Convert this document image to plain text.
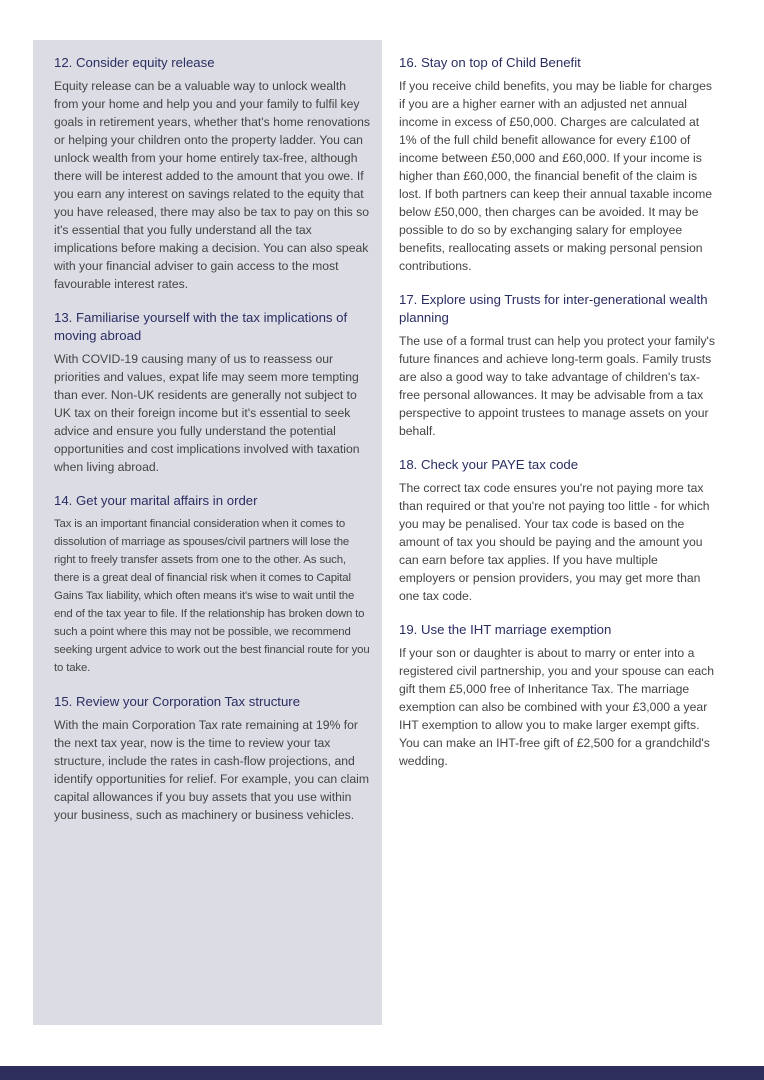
12. Consider equity release

Equity release can be a valuable way to unlock wealth from your home and help you and your family to fulfil key goals in retirement years, whether that's home renovations or helping your children onto the property ladder. You can unlock wealth from your home entirely tax-free, although there will be interest added to the amount that you owe. If you earn any interest on savings related to the equity that you have released, there may also be tax to pay on this so it's essential that you fully understand all the tax implications before making a decision. You can also speak with your financial adviser to gain access to the most favourable interest rates.

13. Familiarise yourself with the tax implications of moving abroad

With COVID-19 causing many of us to reassess our priorities and values, expat life may seem more tempting than ever. Non-UK residents are generally not subject to UK tax on their foreign income but it's essential to seek advice and ensure you fully understand the potential opportunities and cost implications involved with taxation when living abroad.

14. Get your marital affairs in order

Tax is an important financial consideration when it comes to dissolution of marriage as spouses/civil partners will lose the right to freely transfer assets from one to the other. As such, there is a great deal of financial risk when it comes to Capital Gains Tax liability, which often means it's wise to wait until the end of the tax year to file. If the relationship has broken down to such a point where this may not be possible, we recommend seeking urgent advice to work out the best financial route for you to take.

15. Review your Corporation Tax structure

With the main Corporation Tax rate remaining at 19% for the next tax year, now is the time to review your tax structure, include the rates in cash-flow projections, and identify opportunities for relief. For example, you can claim capital allowances if you buy assets that you use within your business, such as machinery or business vehicles.

16. Stay on top of Child Benefit

If you receive child benefits, you may be liable for charges if you are a higher earner with an adjusted net annual income in excess of £50,000. Charges are calculated at 1% of the full child benefit allowance for every £100 of income between £50,000 and £60,000. If your income is higher than £60,000, the financial benefit of the claim is lost. If both partners can keep their annual taxable income below £50,000, then charges can be avoided. It may be possible to do so by exchanging salary for employee benefits, reallocating assets or making personal pension contributions.

17. Explore using Trusts for inter-generational wealth planning

The use of a formal trust can help you protect your family's future finances and achieve long-term goals. Family trusts are also a good way to take advantage of children's tax-free personal allowances. It may be advisable from a tax perspective to appoint trustees to manage assets on your behalf.

18. Check your PAYE tax code

The correct tax code ensures you're not paying more tax than required or that you're not paying too little - for which you may be penalised. Your tax code is based on the amount of tax you should be paying and the amount you can earn before tax applies. If you have multiple employers or pension providers, you may get more than one tax code.

19. Use the IHT marriage exemption

If your son or daughter is about to marry or enter into a registered civil partnership, you and your spouse can each gift them £5,000 free of Inheritance Tax. The marriage exemption can also be combined with your £3,000 a year IHT exemption to allow you to make larger exempt gifts. You can make an IHT-free gift of £2,500 for a grandchild's wedding.
